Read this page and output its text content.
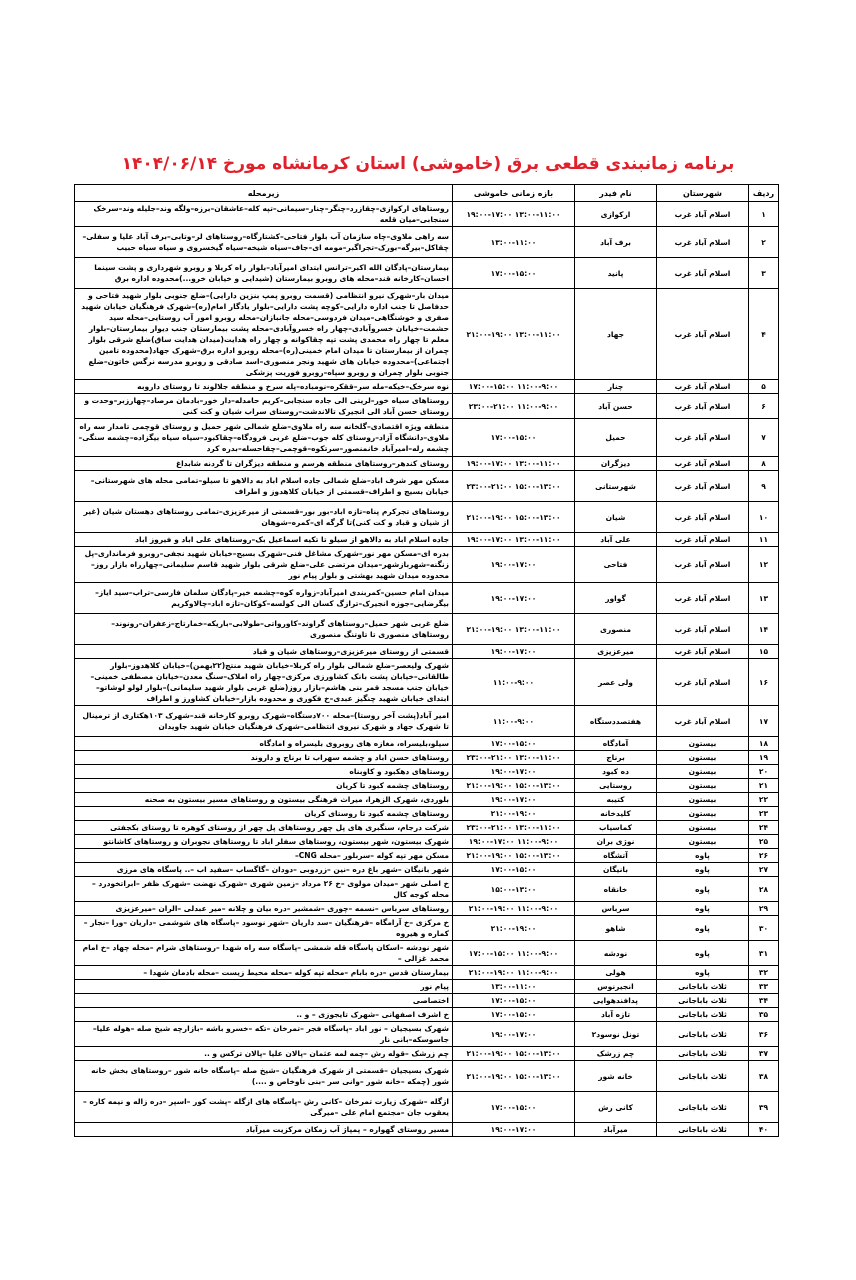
برنامه زمانبندی قطعی برق (خاموشی) استان کرمانشاه مورخ ۱۴۰۴/۰۶/۱۴
ردیف	شهرستان	نام فیدر	بازه زمانی خاموشی	زیرمحله
۱	اسلام آباد غرب	ارکوازی	۱۹:۰۰-۱۷:۰۰ ۱۳:۰۰-۱۱:۰۰	روستاهای ارکوازی–چقازرد–چنگر–چنار–سیمانی–تپه کله–عاشقان–برزه–ولگه وند–جلیله وند–سرخک سنجابی–میان قلعه
۲	اسلام آباد غرب	برف آباد	۱۳:۰۰-۱۱:۰۰	سه راهی ملاوی–چاه سازمان آب بلوار فتاحی–کشتارگاه–روستاهای لر–وتابی–برف آباد علیا و سفلی–چقاکل–بیرگه–بورک–تجراگبر–مومه ای–جاف–سیاه شیخه–سیاه گیخسروی و سیاه سیاه حبیب
۳	اسلام آباد غرب	پانید	۱۷:۰۰-۱۵:۰۰	بیمارستان–پادگان الله اکبر–ترانس ابتدای امیرآباد–بلوار راه کربلا و روبرو شهرداری و پشت سینما احسان–کارخانه قند–محله های روبرو بیمارستان (شیدایی و خیابان خرو...)محدوده اداره برق
۴	اسلام آباد غرب	جهاد	۲۱:۰۰-۱۹:۰۰ ۱۳:۰۰-۱۱:۰۰	میدان بار–شهرک نیرو انتظامی (قسمت روبرو پمپ بنزین دارایی)–ضلع جنوبی بلوار شهید فتاحی و حدفاصل تا جنب اداره دارایی–کوچه پشت دارایی–بلوار یادگار امام(ره)–شهرک فرهنگیان خیابان شهید صفری و خوشنگاهی–میدان فردوسی–محله جانبازان–محله روبرو امور آب روستایی–محله سید حشمت–خیابان خسروآبادی–چهار راه خسروآبادی–محله پشت بیمارستان جنب دیوار بیمارستان–بلوار معلم تا چهار راه محمدی پشت تپه چقاکوانه و چهار راه هدایت(میدان هدایت ساق)ضلع شرقی بلوار چمران از بیمارستان تا میدان امام خمینی(ره)–محله روبرو اداره برق–شهرک جهاد(محدوده تامین اجتماعی)–محدوده خیابان های شهید ونجر منصوری–اسد صادقی و روبرو مدرسه نرگس خاتون–ضلع جنوبی بلوار چمران و روبرو سپاه–روبرو فوریت پزشکی
۵	اسلام آباد غرب	چنار	۱۷:۰۰-۱۵:۰۰ ۱۱:۰۰-۹:۰۰	نوه سرخک–خیکه–مله سر–ققکره–نومباده–پله سرخ و منطقه جلالوند تا روستای داروبه
۶	اسلام آباد غرب	حسن آباد	۲۳:۰۰-۲۱:۰۰ ۱۱:۰۰-۹:۰۰	روستاهای سیاه خور–لرینی الی جاده سنجابی–کریم حامدله–دار خور–بادمان مرصاد–چهارزبر–وحدت و روستای حسن آباد الی انجیرک تالاندشت–روستای سراب شیان و کت کنی
۷	اسلام آباد غرب	حمیل	۱۷:۰۰-۱۵:۰۰	منطقه ویژه اقتصادی–گلخانه سه راه ملاوی–ضلع شمالی شهر حمیل و روستای قوچمی تامدار سه راه ملاوی–دانشگاه آزاد–روستای کله جوب–ضلع غربی فرودگاه–چقاکبود–سیاه سیاه بیگزاده–چشمه سنگی–چشمه رله–امیرآباد خانمنصور–سرتکوه–قوچمی–چقاحسله–بدره کرد
۸	اسلام آباد غرب	دیزگران	۱۹:۰۰-۱۷:۰۰ ۱۳:۰۰-۱۱:۰۰	روستای کندهر–روستاهای منطقه هرسم و منطقه دیزگران تا گردنه شابداغ
۹	اسلام آباد غرب	شهرستانی	۲۳:۰۰-۲۱:۰۰ ۱۵:۰۰-۱۳:۰۰	مسکن مهر شرف اباد–ضلع شمالی جاده اسلام اباد به دالاهو تا سیلو–تمامی محله های شهرستانی–خیابان بسیج و اطراف–قسمتی از خیابان کلاهدوز و اطراف
۱۰	اسلام آباد غرب	شیان	۲۱:۰۰-۱۹:۰۰ ۱۵:۰۰-۱۳:۰۰	روستاهای تجرکرم پناه–تازه اباد–بور بور–قسمتی از میرعزیزی–تمامی روستاهای دهستان شیان (غیر از شیان و قباد و کت کنی)تا گرگه ای–کمره–شوهان
۱۱	اسلام آباد غرب	علی آباد	۱۹:۰۰-۱۷:۰۰ ۱۳:۰۰-۱۱:۰۰	جاده اسلام اباد به دالاهو از سیلو تا تکیه اسماعیل بک–روستاهای علی اباد و فیروز اباد
۱۲	اسلام آباد غرب	فتاحی	۱۹:۰۰-۱۷:۰۰	بدره ای–مسکن مهر نور–شهرک مشاغل فنی–شهرک بسیج–خیابان شهید نجفی–روبرو فرمانداری–پل زنگنه–شهربازشهر–میدان مرتضی علی–ضلع شرقی بلوار شهید قاسم سلیمانی–چهارراه بازار روز–محدوده میدان شهید بهشتی و بلوار پیام نور
۱۳	اسلام آباد غرب	گواور	۱۹:۰۰-۱۷:۰۰	میدان امام حسین–کمربندی امیرآباد–زواره کوه–چشمه خیر–پادگان سلمان فارسی–تراب–سید ایاز–بیگرضایی–جوزه انجیرک–ترازگ کسان الی کولسه–کوکان–تازه اباد–چالاوکریم
۱۴	اسلام آباد غرب	منصوری	۲۱:۰۰-۱۹:۰۰ ۱۳:۰۰-۱۱:۰۰	ضلع غربی شهر حمیل–روستاهای گراوند–کاورواتی–طولابی–باریکه–خمارتاج–زعفران–رونوند–روستاهای منصوری تا تاوتنگ منصوری
۱۵	اسلام آباد غرب	میرعزیزی	۱۹:۰۰-۱۷:۰۰	قسمتی از روستای میرعزیزی–روستاهای شیان و قباد
۱۶	اسلام آباد غرب	ولی عصر	۱۱:۰۰-۹:۰۰	شهرک ولیعصر–ضلع شمالی بلوار راه کربلا–خیابان شهید منتج(۲۲بهمن)–خیابان کلاهدوز–بلوار طالقانی–خیابان پشت بانک کشاورزی مرکزی–چهار راه املاک–سنگ معدن–خیابان مصطفی خمینی–خیابان جنب مسجد قمر بنی هاشم–بازار روز(ضلع غربی بلوار شهید سلیمانی)–بلوار لولو لوشاتو–ابتدای خیابان شهید چنگیز عبدی–خ فکوری و محدوده بازار–خیابان کشاورز و اطراف
۱۷	اسلام آباد غرب	هفتصددستگاه	۱۱:۰۰-۹:۰۰	امیر آباد(پشت آخر روستا)–محله ۷۰۰دستگاه–شهرک روبرو کارخانه قند–شهرک ۱۰۳هکتاری از ترمینال تا شهرک جهاد و شهرک نیروی انتظامی–شهرک فرهنگیان خیابان شهید جاویدان
۱۸	بیستون	آمادگاه	۱۷:۰۰-۱۵:۰۰	سیلو،بلیسراه، مغازه های روبروی بلیسراه و امادگاه
۱۹	بیستون	برناج	۲۳:۰۰-۲۱:۰۰ ۱۳:۰۰-۱۱:۰۰	روستاهای حسن اباد و چشمه سهراب تا برناج و داروند
۲۰	بیستون	ده کبود	۱۹:۰۰-۱۷:۰۰	روستاهای دهکبود و کاوبناه
۲۱	بیستون	روستایی	۲۱:۰۰-۱۹:۰۰ ۱۵:۰۰-۱۳:۰۰	روستاهای چشمه کبود تا کریان
۲۲	بیستون	کتیبه	۱۹:۰۰-۱۷:۰۰	بلوردی، شهرک الزهرا، میراث فرهنگی بیستون و روستاهای مسیر بیستون به صحنه
۲۳	بیستون	کلیدخانه	۲۱:۰۰-۱۹:۰۰	روستاهای چشمه کبود تا روستای کریان
۲۴	بیستون	کماسیاب	۲۳:۰۰-۲۱:۰۰ ۱۳:۰۰-۱۱:۰۰	شرکت درجام، سنگبری های پل چهر روستاهای پل چهر از روستای کوهره تا روستای بکجفتی
۲۵	بیستون	نوژی بران	۱۹:۰۰-۱۷:۰۰ ۱۱:۰۰-۹:۰۰	شهرک بیستون، شهر بیستون، روستاهای سفلر اباد تا روستاهای نجوبران و روستاهای کاشانتو
۲۶	پاوه	آتشگاه	۲۱:۰۰-۱۹:۰۰ ۱۵:۰۰-۱۳:۰۰	مسکن مهر تپه کوله –سربلور –محله CNG–
۲۷	پاوه	بانیگان	۱۷:۰۰-۱۵:۰۰	شهر بانیگان –شهر باغ دره –نین –زردوبی –دودان –گاگساب –سفید اب –.. پاسگاه های مرزی
۲۸	پاوه	خانقاه	۱۵:۰۰-۱۳:۰۰	خ اصلی شهر –میدان مولوی –خ ۲۶ مرداد –زمین شهری –شهرک نهضت –شهرک ظفر –ابراتخودرد –محله کوجه کال
۲۹	پاوه	سرباس	۲۱:۰۰-۱۹:۰۰ ۱۱:۰۰-۹:۰۰	روستاهای سرباس –نسمه –چوری –شمشیر –دره بیان و چلانه –میر عبدلی –الران –میرعزیزی
۳۰	پاوه	شاهو	۲۱:۰۰-۱۹:۰۰	خ مرکزی –خ آرامگاه –فرهنگیان –سد داریان –شهر نوسود –پاسگاه های شوشمی –داریان –ورا –نجار –کماره و هیروه
۳۱	پاوه	نودشه	۱۷:۰۰-۱۵:۰۰ ۱۱:۰۰-۹:۰۰	شهر نودشه –اسکان پاسگاه قله شمشی –پاسگاه سه راه شهدا –روستاهای شرام –محله چهاد –خ امام محمد غزالی –
۳۲	پاوه	هولی	۲۱:۰۰-۱۹:۰۰ ۱۱:۰۰-۹:۰۰	بیمارستان قدس –دره بابام –محله تپه کوله –محله محیط زیست –محله بادمان شهدا –
۳۳	ثلاث باباجانی	انجیرنوس	۱۳:۰۰-۱۱:۰۰	پیام نور
۳۴	ثلاث باباجانی	پدافندهوایی	۱۷:۰۰-۱۵:۰۰	اختصاصی
۳۵	ثلاث باباجانی	تازه آباد	۱۷:۰۰-۱۵:۰۰	خ اشرف اصفهانی –شهرک تایجوزی – و ..
۳۶	ثلاث باباجانی	تونل نوسود۲	۱۹:۰۰-۱۷:۰۰	شهرک بسیجیان – نور اباد –پاسگاه فجر –تمرخان –تکه –خسرو باشه –بازارچه شیخ صله –هوله علیا–جاسوسکه–بانی نار
۳۷	ثلاث باباجانی	چم زرشک	۲۱:۰۰-۱۹:۰۰ ۱۵:۰۰-۱۳:۰۰	چم زرشک –قوله رش –چمه لمه عثمان –پالان علیا –پالان ترکس و ..
۳۸	ثلاث باباجانی	خانه شور	۲۱:۰۰-۱۹:۰۰ ۱۵:۰۰-۱۳:۰۰	شهرک بسیجیان –قسمتی از شهرک فرهنگیان –شیخ صله –پاسگاه خانه شور –روستاهای بخش خانه شور (چمکه –خانه شور –وانی سر –بنی ناوخاص و ....)
۳۹	ثلاث باباجانی	کانی رش	۱۷:۰۰-۱۵:۰۰	ازگله –شهرک زیارت تمرخان –کانی رش –پاسگاه های ازگله –پشت کور –اسپر –دره زاله و نیمه کاره –یعقوب جان –مجتمع امام علی –میرگی
۴۰	ثلاث باباجانی	میرآباد	۱۹:۰۰-۱۷:۰۰	مسیر روستای گهواره – پمپاژ آب زمکان مرکزیت میرآباد
